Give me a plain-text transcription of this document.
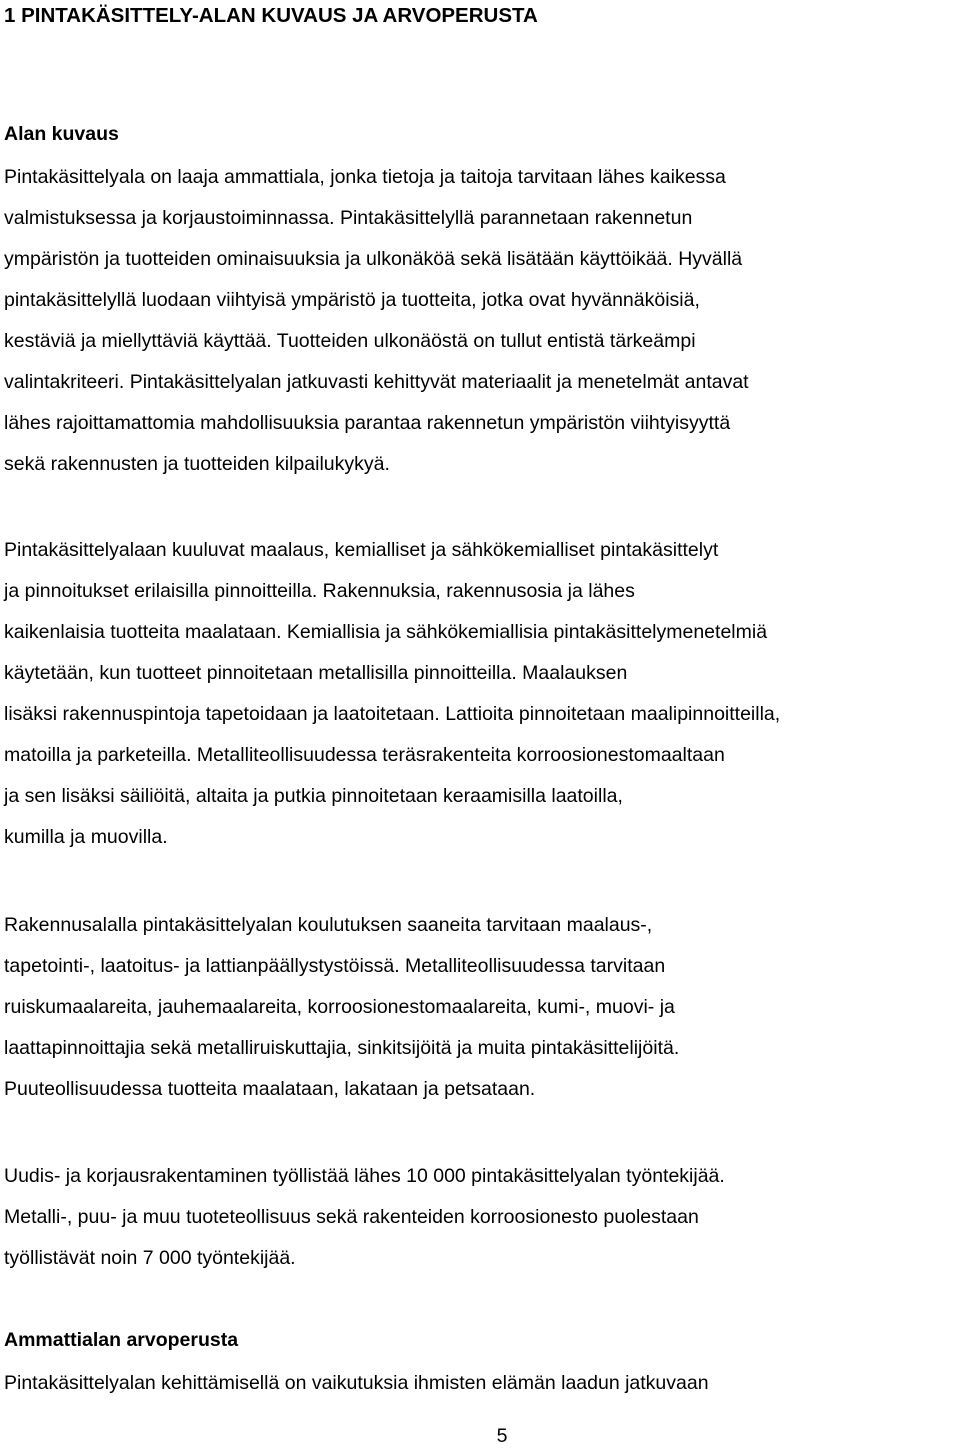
1 PINTAKÄSITTELY-ALAN KUVAUS JA ARVOPERUSTA
Alan kuvaus
Pintakäsittelyala on laaja ammattiala, jonka tietoja ja taitoja tarvitaan lähes kaikessa
valmistuksessa ja korjaustoiminnassa. Pintakäsittelyllä parannetaan rakennetun
ympäristön ja tuotteiden ominaisuuksia ja ulkonäköä sekä lisätään käyttöikää. Hyvällä
pintakäsittelyllä luodaan viihtyisä ympäristö ja tuotteita, jotka ovat hyvännäköisiä,
kestäviä ja miellyttäviä käyttää. Tuotteiden ulkonäöstä on tullut entistä tärkeämpi
valintakriteeri. Pintakäsittelyalan jatkuvasti kehittyvät materiaalit ja menetelmät antavat
lähes rajoittamattomia mahdollisuuksia parantaa rakennetun ympäristön viihtyisyyttä
sekä rakennusten ja tuotteiden kilpailukykyä.
Pintakäsittelyalaan kuuluvat maalaus, kemialliset ja sähkökemialliset pintakäsittelyt
ja pinnoitukset erilaisilla pinnoitteilla. Rakennuksia, rakennusosia ja lähes
kaikenlaisia tuotteita maalataan. Kemiallisia ja sähkökemiallisia pintakäsittelymenetelmiä
käytetään, kun tuotteet pinnoitetaan metallisilla pinnoitteilla. Maalauksen
lisäksi rakennuspintoja tapetoidaan ja laatoitetaan. Lattioita pinnoitetaan maalipinnoitteilla,
matoilla ja parketeilla. Metalliteollisuudessa teräsrakenteita korroosionestomaaltaan
ja sen lisäksi säiliöitä, altaita ja putkia pinnoitetaan keraamisilla laatoilla,
kumilla ja muovilla.
Rakennusalalla pintakäsittelyalan koulutuksen saaneita tarvitaan maalaus-,
tapetointi-, laatoitus- ja lattianpäällystystöissä. Metalliteollisuudessa tarvitaan
ruiskumaalareita, jauhemaalareita, korroosionestomaalareita, kumi-, muovi- ja
laattapinnoittajia sekä metalliruiskuttajia, sinkitsijöitä ja muita pintakäsittelijöitä.
Puuteollisuudessa tuotteita maalataan, lakataan ja petsataan.
Uudis- ja korjausrakentaminen työllistää lähes 10 000 pintakäsittelyalan työntekijää.
Metalli-, puu- ja muu tuoteteollisuus sekä rakenteiden korroosionesto puolestaan
työllistävät noin 7 000 työntekijää.
Ammattialan arvoperusta
Pintakäsittelyalan kehittämisellä on vaikutuksia ihmisten elämän laadun jatkuvaan
5
